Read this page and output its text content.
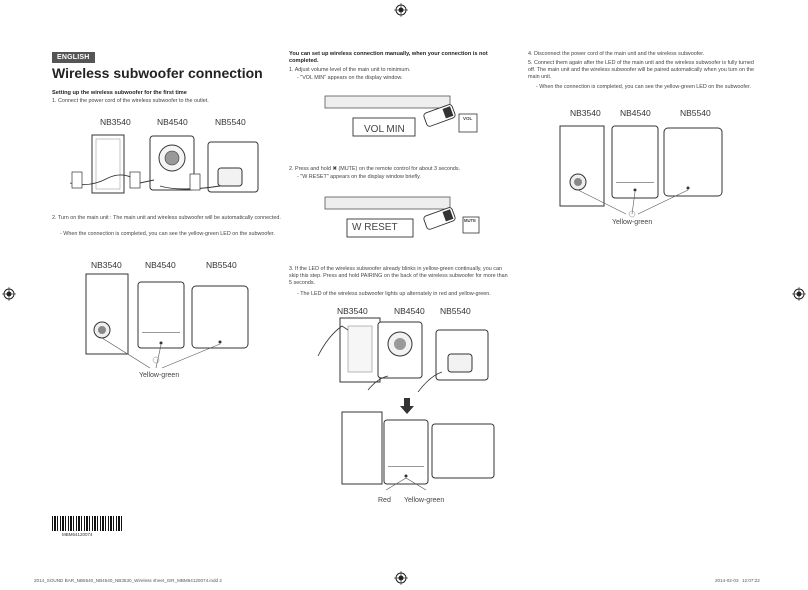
ENGLISH
Wireless subwoofer connection
Setting up the wireless subwoofer for the first time
1. Connect the power cord of the wireless subwoofer to the outlet.
NB3540	NB4540	NB5540
2. Turn on the main unit : The main unit and wireless subwoofer will be automatically connected.
- When the connection is completed, you can see the yellow-green LED on the subwoofer.
NB3540	NB4540	NB5540
Yellow-green
MBM64120074
You can set up wireless connection manually, when your connection is not completed.
1. Adjust volume level of the main unit to minimum.
- "VOL MIN" appears on the display window.
VOL MIN
VOL
2. Press and hold ✖ (MUTE) on the remote control for about 3 seconds.
- "W RESET" appears on the display window briefly.
W RESET
MUTE
3. If the LED of the wireless subwoofer already blinks in yellow-green continually, you can skip this step. Press and hold PAIRING on the back of the wireless subwoofer for more than 5 seconds.
- The LED of the wireless subwoofer lights up alternately in red and yellow-green.
NB3540	NB4540 NB5540
Red Yellow-green
4. Disconnect the power cord of the main unit and the wireless subwoofer.
5. Connect them again after the LED of the main unit and the wireless subwoofer is fully turned off. The main unit and the wireless subwoofer will be paired automatically when you turn on the main unit.
- When the connection is completed, you can see the yellow-green LED on the subwoofer.
NB3540 NB4540	NB5540
Yellow-green
2014_SOUND BAR_NB5540_NB4540_NB3530_Wireless sheet_ISR_MBM64120074.indd 2	2014-02-03   12:07:22
